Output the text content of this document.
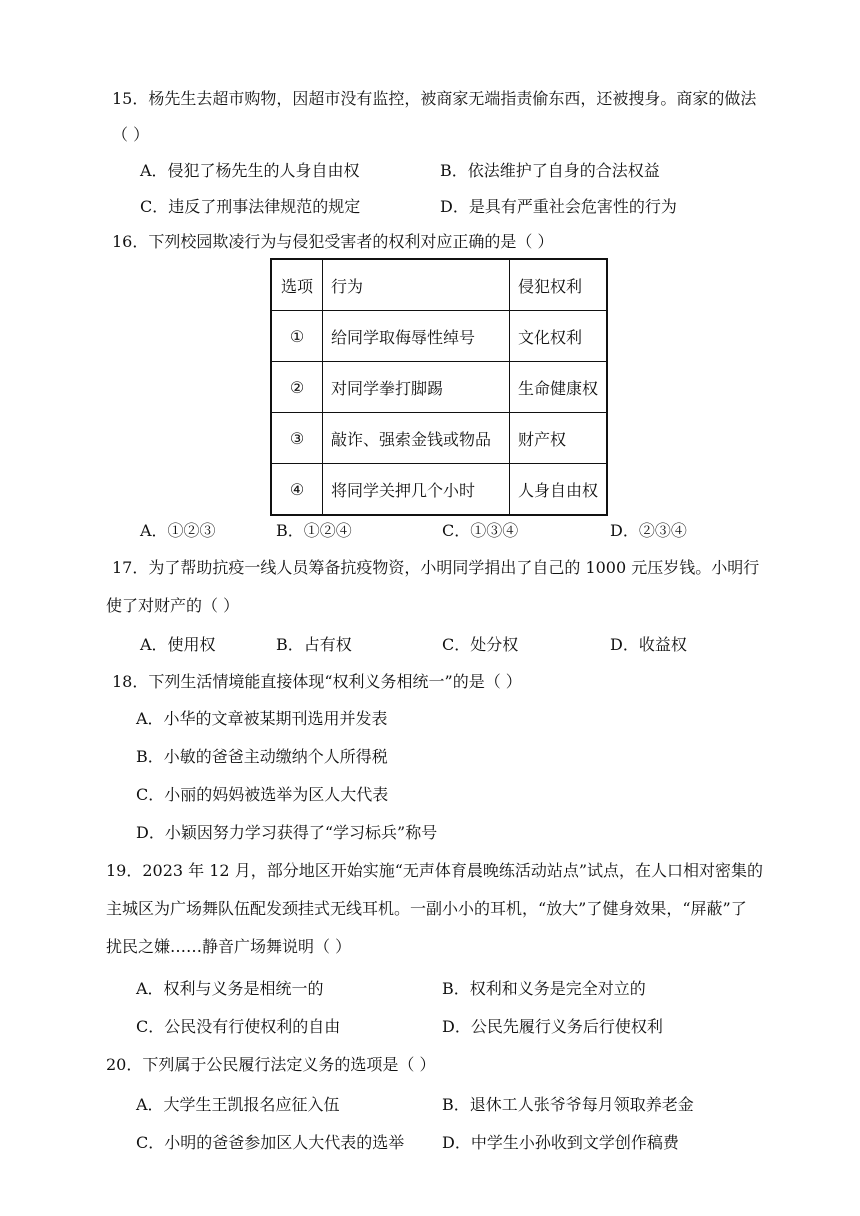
15．杨先生去超市购物，因超市没有监控，被商家无端指责偷东西，还被搜身。商家的做法
（ ）
A．侵犯了杨先生的人身自由权	B．依法维护了自身的合法权益
C．违反了刑事法律规范的规定	D．是具有严重社会危害性的行为
16．下列校园欺凌行为与侵犯受害者的权利对应正确的是（ ）
选项	行为	侵犯权利
①	给同学取侮辱性绰号	文化权利
②	对同学拳打脚踢	生命健康权
③	敲诈、强索金钱或物品	财产权
④	将同学关押几个小时	人身自由权
A．①②③	B．①②④	C．①③④	D．②③④
17．为了帮助抗疫一线人员筹备抗疫物资，小明同学捐出了自己的 1000 元压岁钱。小明行
使了对财产的（ ）
A．使用权	B．占有权	C．处分权	D．收益权
18．下列生活情境能直接体现“权利义务相统一”的是（ ）
A．小华的文章被某期刊选用并发表
B．小敏的爸爸主动缴纳个人所得税
C．小丽的妈妈被选举为区人大代表
D．小颖因努力学习获得了“学习标兵”称号
19．2023 年 12 月，部分地区开始实施“无声体育晨晚练活动站点”试点，在人口相对密集的
主城区为广场舞队伍配发颈挂式无线耳机。一副小小的耳机，“放大”了健身效果，“屏蔽”了
扰民之嫌……静音广场舞说明（ ）
A．权利与义务是相统一的	B．权利和义务是完全对立的
C．公民没有行使权利的自由	D．公民先履行义务后行使权利
20．下列属于公民履行法定义务的选项是（ ）
A．大学生王凯报名应征入伍	B．退休工人张爷爷每月领取养老金
C．小明的爸爸参加区人大代表的选举 D．中学生小孙收到文学创作稿费
